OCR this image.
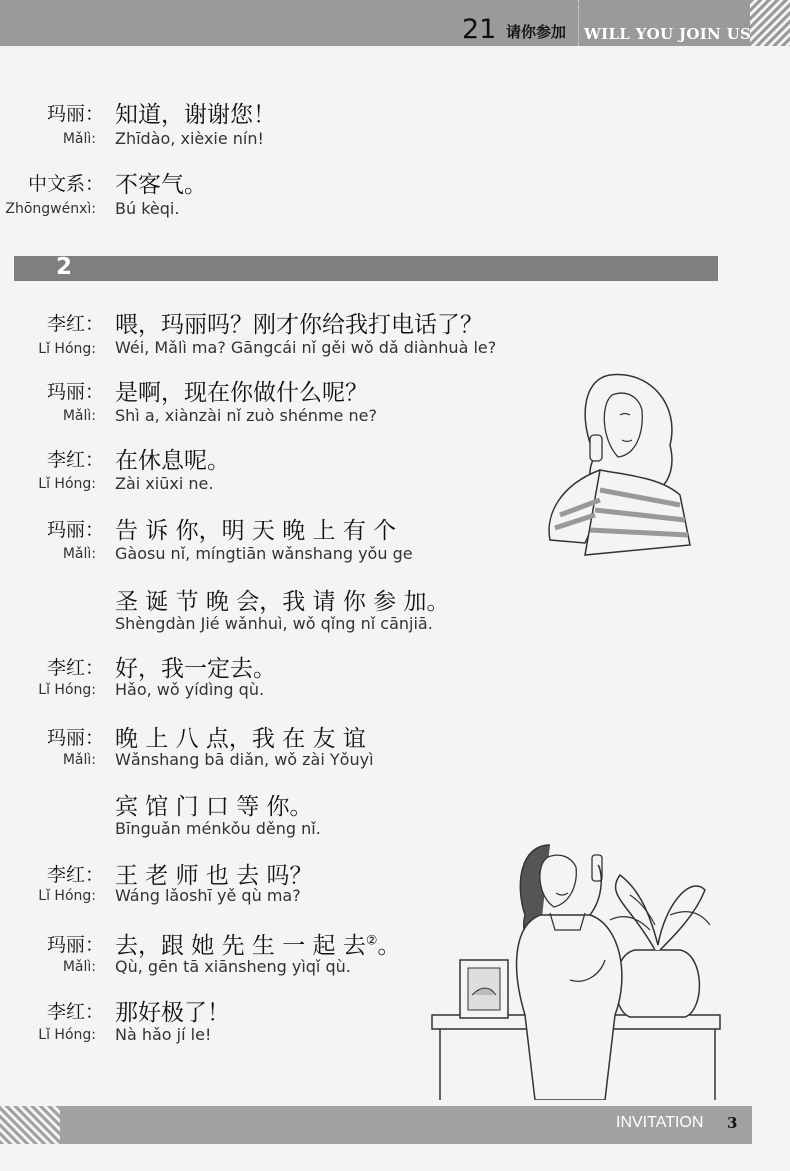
21 请你参加 WILL YOU JOIN US
玛丽： 知道，谢谢您！
Mǎlì: Zhīdào, xièxie nín!
中文系： 不客气。
Zhōngwénxì: Bú kèqi.
2
李红： 喂，玛丽吗？刚才你给我打电话了？
Lǐ Hóng: Wéi, Mǎlì ma? Gāngcái nǐ gěi wǒ dǎ diànhuà le?
玛丽： 是啊，现在你做什么呢？
Mǎlì: Shì a, xiànzài nǐ zuò shénme ne?
李红： 在休息呢。
Lǐ Hóng: Zài xiūxi ne.
玛丽： 告 诉 你，明 天 晚 上 有 个
Mǎlì: Gàosu nǐ, míngtiān wǎnshang yǒu ge
圣 诞 节 晚 会，我 请 你 参 加。
Shèngdàn Jié wǎnhuì, wǒ qǐng nǐ cānjiā.
李红： 好，我一定去。
Lǐ Hóng: Hǎo, wǒ yídìng qù.
玛丽： 晚 上 八 点，我 在 友 谊
Mǎlì: Wǎnshang bā diǎn, wǒ zài Yǒuyì
宾 馆 门 口 等 你。
Bīnguǎn ménkǒu děng nǐ.
李红： 王 老 师 也 去 吗？
Lǐ Hóng: Wáng lǎoshī yě qù ma?
玛丽： 去，跟 她 先 生 一 起 去②。
Mǎlì: Qù, gēn tā xiānsheng yìqǐ qù.
李红： 那好极了！
Lǐ Hóng: Nà hǎo jí le!
INVITATION 3
